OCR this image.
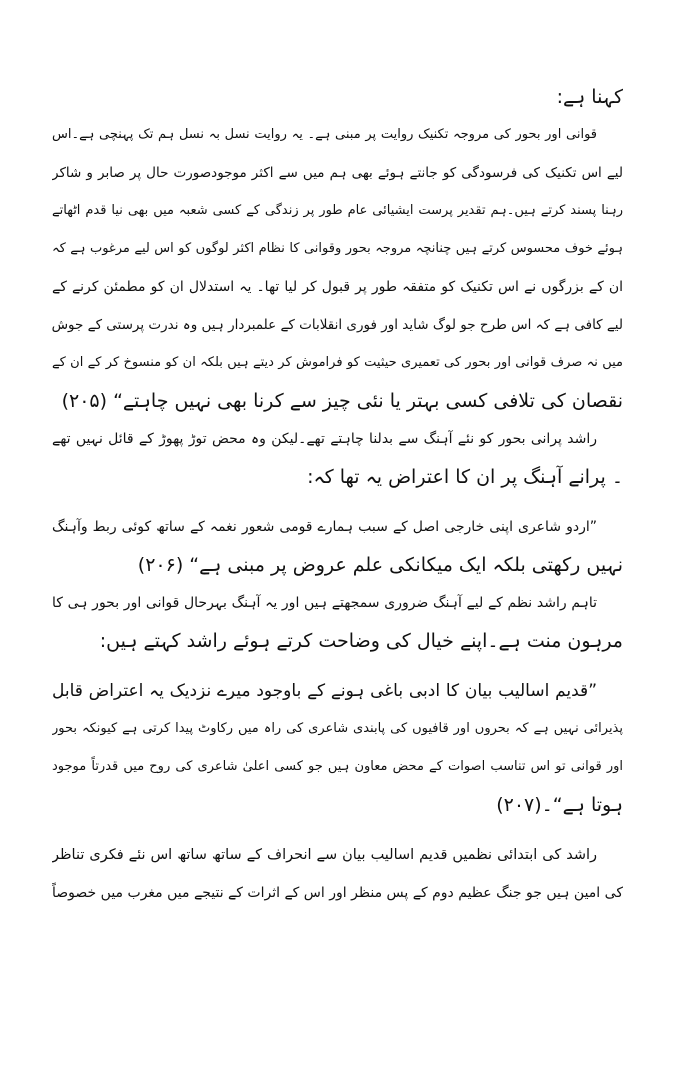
کہنا ہے:
قوانی اور بحور کی مروجہ تکنیک روایت پر مبنی ہے۔ یہ روایت نسل بہ نسل ہم تک پہنچی ہے۔اس
لیے اس تکنیک کی فرسودگی کو جانتے ہوئے بھی ہم میں سے اکثر موجودصورت حال پر صابر و شاکر
رہنا پسند کرتے ہیں۔ہم تقدیر پرست ایشیائی عام طور پر زندگی کے کسی شعبہ میں بھی نیا قدم اٹھاتے
ہوئے خوف محسوس کرتے ہیں چنانچہ مروجہ بحور وقوانی کا نظام اکثر لوگوں کو اس لیے مرغوب ہے کہ
ان کے بزرگوں نے اس تکنیک کو متفقہ طور پر قبول کر لیا تھا۔ یہ استدلال ان کو مطمئن کرنے کے
لیے کافی ہے کہ اس طرح جو لوگ شاید اور فوری انقلابات کے علمبردار ہیں وہ ندرت پرستی کے جوش
میں نہ صرف قوانی اور بحور کی تعمیری حیثیت کو فراموش کر دیتے ہیں بلکہ ان کو منسوخ کر کے ان کے
نقصان کی تلافی کسی بہتر یا نئی چیز سے کرنا بھی نہیں چاہتے“ (۲۰۵)
راشد پرانی بحور کو نئے آہنگ سے بدلنا چاہتے تھے۔لیکن وہ محض توڑ پھوڑ کے قائل نہیں تھے
۔ پرانے آہنگ پر ان کا اعتراض یہ تھا کہ:
”اردو شاعری اپنی خارجی اصل کے سبب ہمارے قومی شعور نغمہ کے ساتھ کوئی ربط وآہنگ
نہیں رکھتی بلکہ ایک میکانکی علم عروض پر مبنی ہے“ (۲۰۶)
تاہم راشد نظم کے لیے آہنگ ضروری سمجھتے ہیں اور یہ آہنگ بہرحال قوانی اور بحور ہی کا
مرہون منت ہے۔اپنے خیال کی وضاحت کرتے ہوئے راشد کہتے ہیں:
”قدیم اسالیب بیان کا ادبی باغی ہونے کے باوجود میرے نزدیک یہ اعتراض قابل
پذیرائی نہیں ہے کہ بحروں اور قافیوں کی پابندی شاعری کی راہ میں رکاوٹ پیدا کرتی ہے کیونکہ بحور
اور قوانی تو اس تناسب اصوات کے محض معاون ہیں جو کسی اعلیٰ شاعری کی روح میں قدرتاً موجود
ہوتا ہے“۔(۲۰۷)
راشد کی ابتدائی نظمیں قدیم اسالیب بیان سے انحراف کے ساتھ ساتھ اس نئے فکری تناظر
کی امین ہیں جو جنگ عظیم دوم کے پس منظر اور اس کے اثرات کے نتیجے میں مغرب میں خصوصاً
